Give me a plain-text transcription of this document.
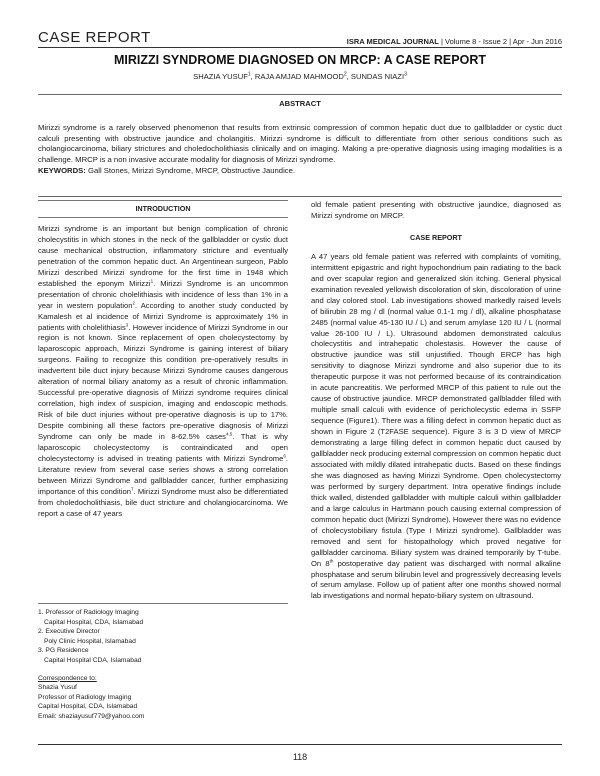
CASE REPORT	ISRA MEDICAL JOURNAL | Volume 8 - Issue 2 | Apr - Jun 2016
MIRIZZI SYNDROME DIAGNOSED ON MRCP: A CASE REPORT
SHAZIA YUSUF$^1$, RAJA AMJAD MAHMOOD$^2$, SUNDAS NIAZI$^3$
ABSTRACT

Mirizzi syndrome is a rarely observed phenomenon that results from extrinsic compression of common hepatic duct due to gallbladder or cystic duct calculi presenting with obstructive jaundice and cholangitis. Mirizzi syndrome is difficult to differentiate from other serious conditions such as cholangiocarcinoma, biliary strictures and choledocholithiasis clinically and on imaging. Making a pre-operative diagnosis using imaging modalities is a challenge. MRCP is a non invasive accurate modality for diagnosis of Mirizzi syndrome.

KEYWORDS: Gall Stones, Mirizzi Syndrome, MRCP, Obstructive Jaundice.

INTRODUCTION

Mirizzi syndrome is an important but benign complication of chronic cholecystitis in which stones in the neck of the gallbladder or cystic duct cause mechanical obstruction, inflammatory stricture and eventually penetration of the common hepatic duct. An Argentinean surgeon, Pablo Mirizzi described Mirizzi syndrome for the first time in 1948 which established the eponym Mirizzi$^1$. Mirizzi Syndrome is an uncommon presentation of chronic cholelithiasis with incidence of less than 1% in a year in western population$^2$. According to another study conducted by Kamalesh et al incidence of Mirrizi Syndrome is approximately 1% in patients with cholelithiasis$^3$. However incidence of Mirizzi Syndrome in our region is not known. Since replacement of open cholecystectomy by laparoscopic approach, Mirizzi Syndrome is gaining interest of biliary surgeons. Failing to recognize this condition pre-operatively results in inadvertent bile duct injury because Mirizzi Syndrome causes dangerous alteration of normal biliary anatomy as a result of chronic inflammation. Successful pre-operative diagnosis of Mirizzi syndrome requires clinical correlation, high index of suspicion, imaging and endoscopic methods. Risk of bile duct injuries without pre-operative diagnosis is up to 17%. Despite combining all these factors pre-operative diagnosis of Mirizzi Syndrome can only be made in 8-62.5% cases$^{4,5}$. That is why laparoscopic cholecystectomy is contraindicated and open cholecystectomy is advised in treating patients with Mirizzi Syndrome$^6$. Literature review from several case series shows a strong correlation between Mirizzi Syndrome and gallbladder cancer, further emphasizing importance of this condition$^7$. Mirizzi Syndrome must also be differentiated from choledocholithiasis, bile duct stricture and cholangiocarcinoma. We report a case of 47 years

1. Professor of Radiology Imaging
Capital Hospital, CDA, Islamabad
2. Executive Director
Poly Clinic Hospital, Islamabad
3. PG Residence
Capital Hospital CDA, Islamabad
Correspondence to:
Shazia Yusuf
Professor of Radiology Imaging
Capital Hospital, CDA, Islamabad
Email: shaziayusuf779@yahoo.com

old female patient presenting with obstructive jaundice, diagnosed as Mirizzi syndrome on MRCP.

CASE REPORT

A 47 years old female patient was referred with complaints of vomiting, intermittent epigastric and right hypochondrium pain radiating to the back and over scapular region and generalized skin itching. General physical examination revealed yellowish discoloration of skin, discoloration of urine and clay colored stool. Lab investigations showed markedly raised levels of bilirubin 28 mg / dl (normal value 0.1-1 mg / dl), alkaline phosphatase 2485 (normal value 45-130 IU / L) and serum amylase 120 IU / L (normal value 26-100 IU / L). Ultrasound abdomen demonstrated calculus cholecystitis and intrahepatic cholestasis. However the cause of obstructive jaundice was still unjustified. Though ERCP has high sensitivity to diagnose Mirizzi syndrome and also superior due to its therapeutic purpose it was not performed because of its contraindication in acute pancreatitis. We performed MRCP of this patient to rule out the cause of obstructive jaundice. MRCP demonstrated gallbladder filled with multiple small calculi with evidence of pericholecystic edema in SSFP sequence (Figure1). There was a filling defect in common hepatic duct as shown in Figure 2 (T2FASE sequence). Figure 3 is 3 D view of MRCP demonstrating a large filling defect in common hepatic duct caused by gallbladder neck producing external compression on common hepatic duct associated with mildly dilated intrahepatic ducts. Based on these findings she was diagnosed as having Mirizzi Syndrome. Open cholecystectomy was performed by surgery department. Intra operative findings include thick walled, distended gallbladder with multiple calculi within gallbladder and a large calculus in Hartmann pouch causing external compression of common hepatic duct (Mirizzi Syndrome). However there was no evidence of cholecystobiliary fistula (Type I Mirizzi syndrome). Gallbladder was removed and sent for histopathology which proved negative for gallbladder carcinoma. Biliary system was drained temporarily by T-tube. On 8th postoperative day patient was discharged with normal alkaline phosphatase and serum bilirubin level and progressively decreasing levels of serum amylase. Follow up of patient after one months showed normal lab investigations and normal hepato-biliary system on ultrasound.

118
